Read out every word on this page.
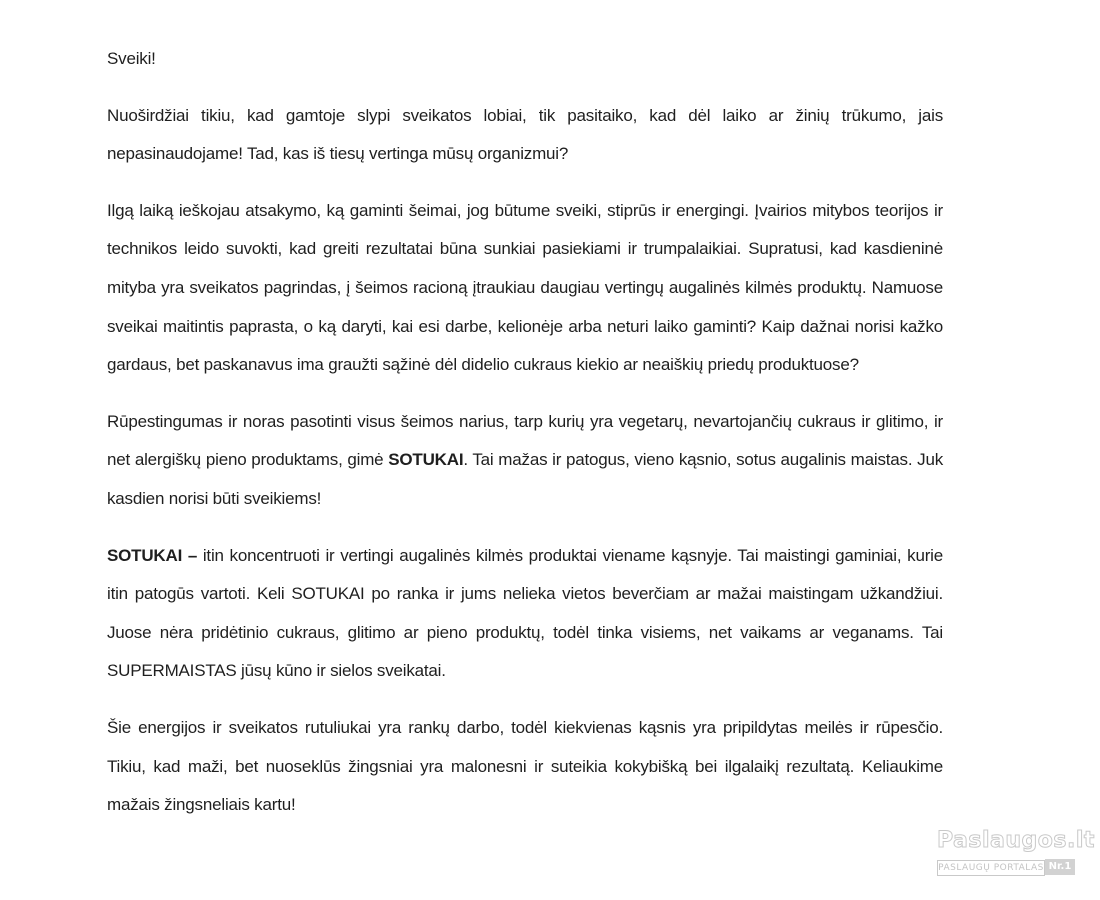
Sveiki!

Nuoširdžiai tikiu, kad gamtoje slypi sveikatos lobiai, tik pasitaiko, kad dėl laiko ar žinių trūkumo, jais nepasinaudojame! Tad, kas iš tiesų vertinga mūsų organizmui?

Ilgą laiką ieškojau atsakymo, ką gaminti šeimai, jog būtume sveiki, stiprūs ir energingi. Įvairios mitybos teorijos ir technikos leido suvokti, kad greiti rezultatai būna sunkiai pasiekiami ir trumpalaikiai. Supratusi, kad kasdieninė mityba yra sveikatos pagrindas, į šeimos racioną įtraukiau daugiau vertingų augalinės kilmės produktų. Namuose sveikai maitintis paprasta, o ką daryti, kai esi darbe, kelionėje arba neturi laiko gaminti? Kaip dažnai norisi kažko gardaus, bet paskanavus ima graužti sąžinė dėl didelio cukraus kiekio ar neaiškių priedų produktuose?

Rūpestingumas ir noras pasotinti visus šeimos narius, tarp kurių yra vegetarų, nevartojančių cukraus ir glitimo, ir net alergiškų pieno produktams, gimė SOTUKAI. Tai mažas ir patogus, vieno kąsnio, sotus augalinis maistas. Juk kasdien norisi būti sveikiems!

SOTUKAI – itin koncentruoti ir vertingi augalinės kilmės produktai viename kąsnyje. Tai maistingi gaminiai, kurie itin patogūs vartoti. Keli SOTUKAI po ranka ir jums nelieka vietos beverčiam ar mažai maistingam užkandžiui. Juose nėra pridėtinio cukraus, glitimo ar pieno produktų, todėl tinka visiems, net vaikams ar veganams. Tai SUPERMAISTAS jūsų kūno ir sielos sveikatai.

Šie energijos ir sveikatos rutuliukai yra rankų darbo, todėl kiekvienas kąsnis yra pripildytas meilės ir rūpesčio. Tikiu, kad maži, bet nuoseklūs žingsniai yra malonesni ir suteikia kokybišką bei ilgalaikį rezultatą. Keliaukime mažais žingsneliais kartu!

Paslaugos.lt
PASLAUGŲ PORTALAS Nr.1
